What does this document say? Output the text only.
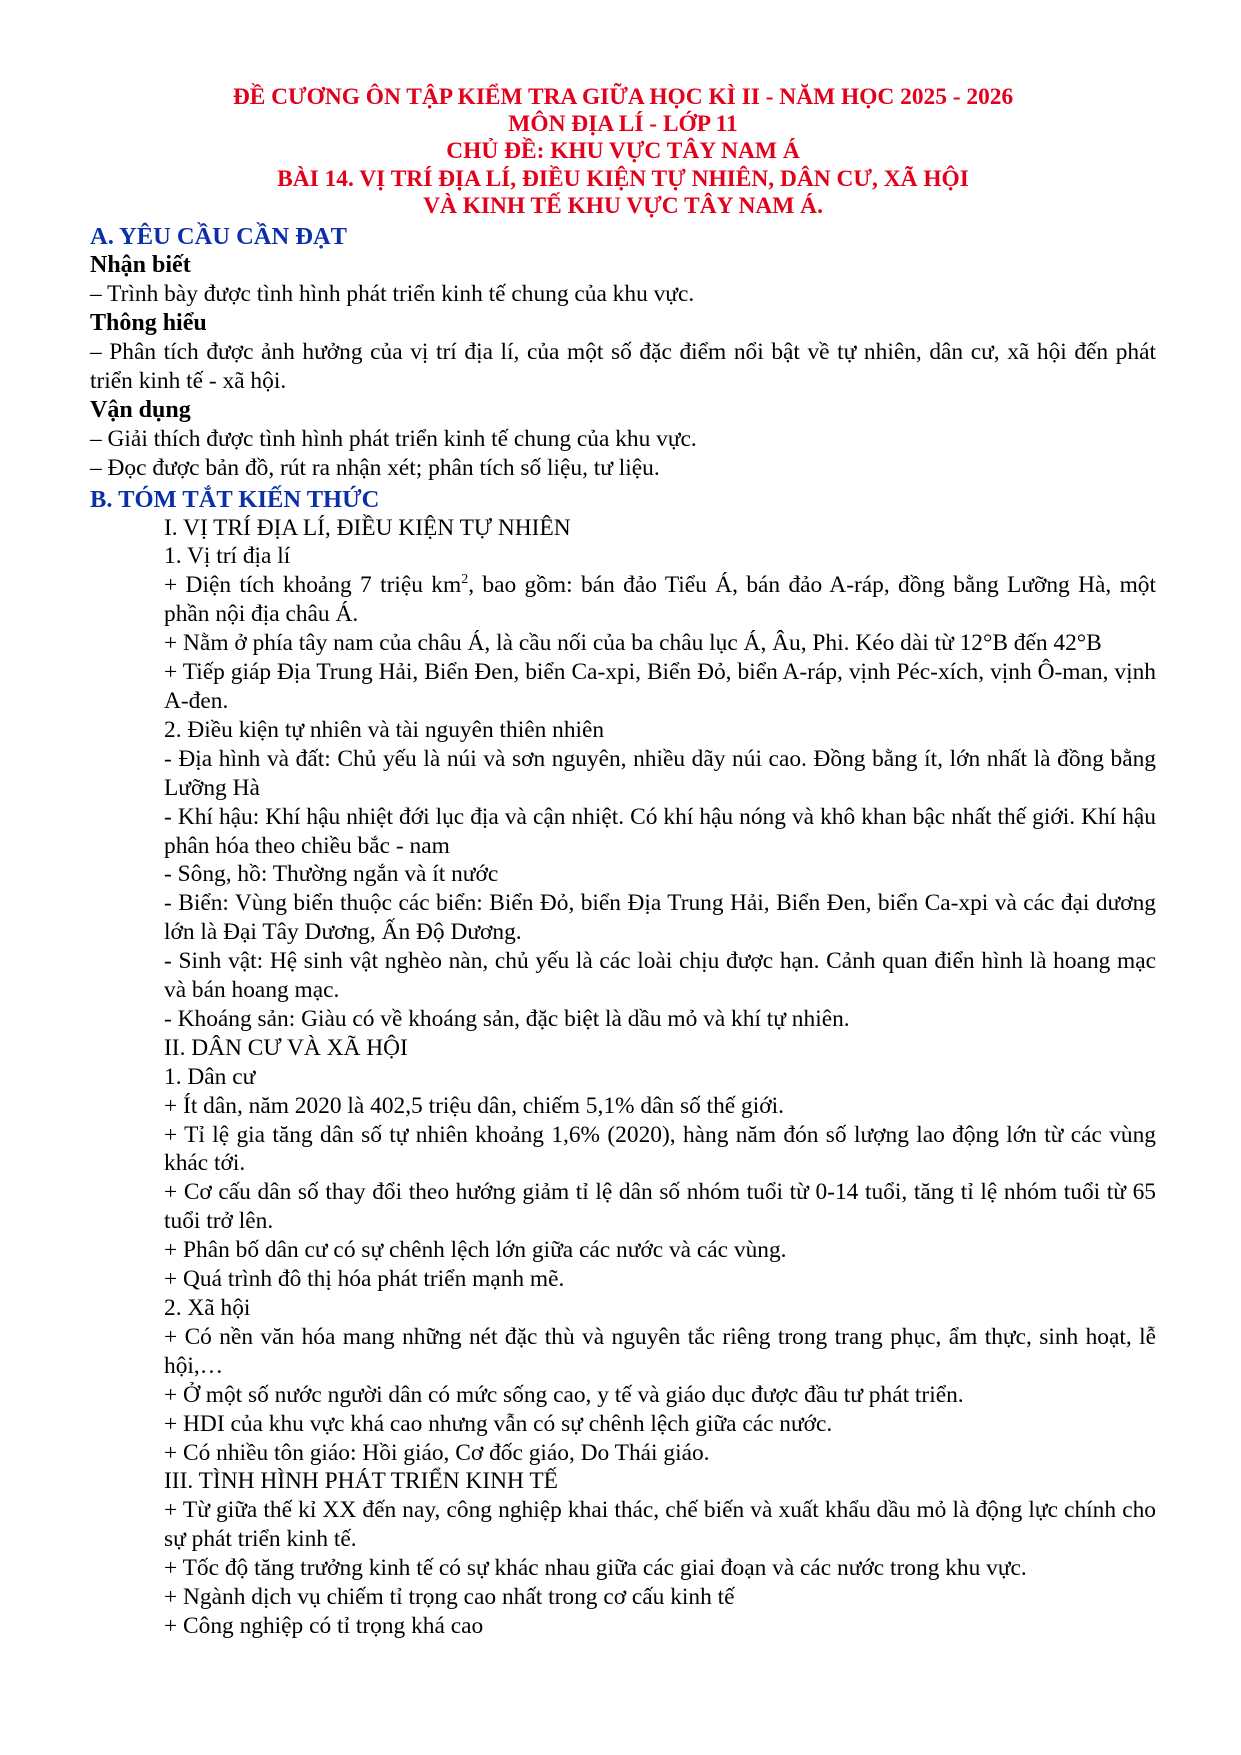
ĐỀ CƯƠNG ÔN TẬP KIỂM TRA GIỮA HỌC KÌ II - NĂM HỌC 2025 - 2026
MÔN ĐỊA LÍ - LỚP 11
CHỦ ĐỀ: KHU VỰC TÂY NAM Á
BÀI 14. VỊ TRÍ ĐỊA LÍ, ĐIỀU KIỆN TỰ NHIÊN, DÂN CƯ, XÃ HỘI
VÀ KINH TẾ KHU VỰC TÂY NAM Á.
A. YÊU CẦU CẦN ĐẠT
Nhận biết
– Trình bày được tình hình phát triển kinh tế chung của khu vực.
Thông hiểu
– Phân tích được ảnh hưởng của vị trí địa lí, của một số đặc điểm nổi bật về tự nhiên, dân cư, xã hội đến phát triển kinh tế - xã hội.
Vận dụng
– Giải thích được tình hình phát triển kinh tế chung của khu vực.
– Đọc được bản đồ, rút ra nhận xét; phân tích số liệu, tư liệu.
B. TÓM TẮT KIẾN THỨC
I. VỊ TRÍ ĐỊA LÍ, ĐIỀU KIỆN TỰ NHIÊN
1. Vị trí địa lí
+ Diện tích khoảng 7 triệu $km^2$, bao gồm: bán đảo Tiểu Á, bán đảo A-ráp, đồng bằng Lưỡng Hà, một phần nội địa châu Á.
+ Nằm ở phía tây nam của châu Á, là cầu nối của ba châu lục Á, Âu, Phi. Kéo dài từ 12°B đến 42°B
+ Tiếp giáp Địa Trung Hải, Biển Đen, biển Ca-xpi, Biển Đỏ, biển A-ráp, vịnh Péc-xích, vịnh Ô-man, vịnh A-đen.
2. Điều kiện tự nhiên và tài nguyên thiên nhiên
- Địa hình và đất: Chủ yếu là núi và sơn nguyên, nhiều dãy núi cao. Đồng bằng ít, lớn nhất là đồng bằng Lưỡng Hà
- Khí hậu: Khí hậu nhiệt đới lục địa và cận nhiệt. Có khí hậu nóng và khô khan bậc nhất thế giới. Khí hậu phân hóa theo chiều bắc - nam
- Sông, hồ: Thường ngắn và ít nước
- Biển: Vùng biển thuộc các biển: Biển Đỏ, biển Địa Trung Hải, Biển Đen, biển Ca-xpi và các đại dương lớn là Đại Tây Dương, Ấn Độ Dương.
- Sinh vật: Hệ sinh vật nghèo nàn, chủ yếu là các loài chịu được hạn. Cảnh quan điển hình là hoang mạc và bán hoang mạc.
- Khoáng sản: Giàu có về khoáng sản, đặc biệt là dầu mỏ và khí tự nhiên.
II. DÂN CƯ VÀ XÃ HỘI
1. Dân cư
+ Ít dân, năm 2020 là 402,5 triệu dân, chiếm 5,1% dân số thế giới.
+ Tỉ lệ gia tăng dân số tự nhiên khoảng 1,6% (2020), hàng năm đón số lượng lao động lớn từ các vùng khác tới.
+ Cơ cấu dân số thay đổi theo hướng giảm tỉ lệ dân số nhóm tuổi từ 0-14 tuổi, tăng tỉ lệ nhóm tuổi từ 65 tuổi trở lên.
+ Phân bố dân cư có sự chênh lệch lớn giữa các nước và các vùng.
+ Quá trình đô thị hóa phát triển mạnh mẽ.
2. Xã hội
+ Có nền văn hóa mang những nét đặc thù và nguyên tắc riêng trong trang phục, ẩm thực, sinh hoạt, lễ hội,…
+ Ở một số nước người dân có mức sống cao, y tế và giáo dục được đầu tư phát triển.
+ HDI của khu vực khá cao nhưng vẫn có sự chênh lệch giữa các nước.
+ Có nhiều tôn giáo: Hồi giáo, Cơ đốc giáo, Do Thái giáo.
III. TÌNH HÌNH PHÁT TRIỂN KINH TẾ
+ Từ giữa thế kỉ XX đến nay, công nghiệp khai thác, chế biến và xuất khẩu dầu mỏ là động lực chính cho sự phát triển kinh tế.
+ Tốc độ tăng trưởng kinh tế có sự khác nhau giữa các giai đoạn và các nước trong khu vực.
+ Ngành dịch vụ chiếm tỉ trọng cao nhất trong cơ cấu kinh tế
+ Công nghiệp có tỉ trọng khá cao
